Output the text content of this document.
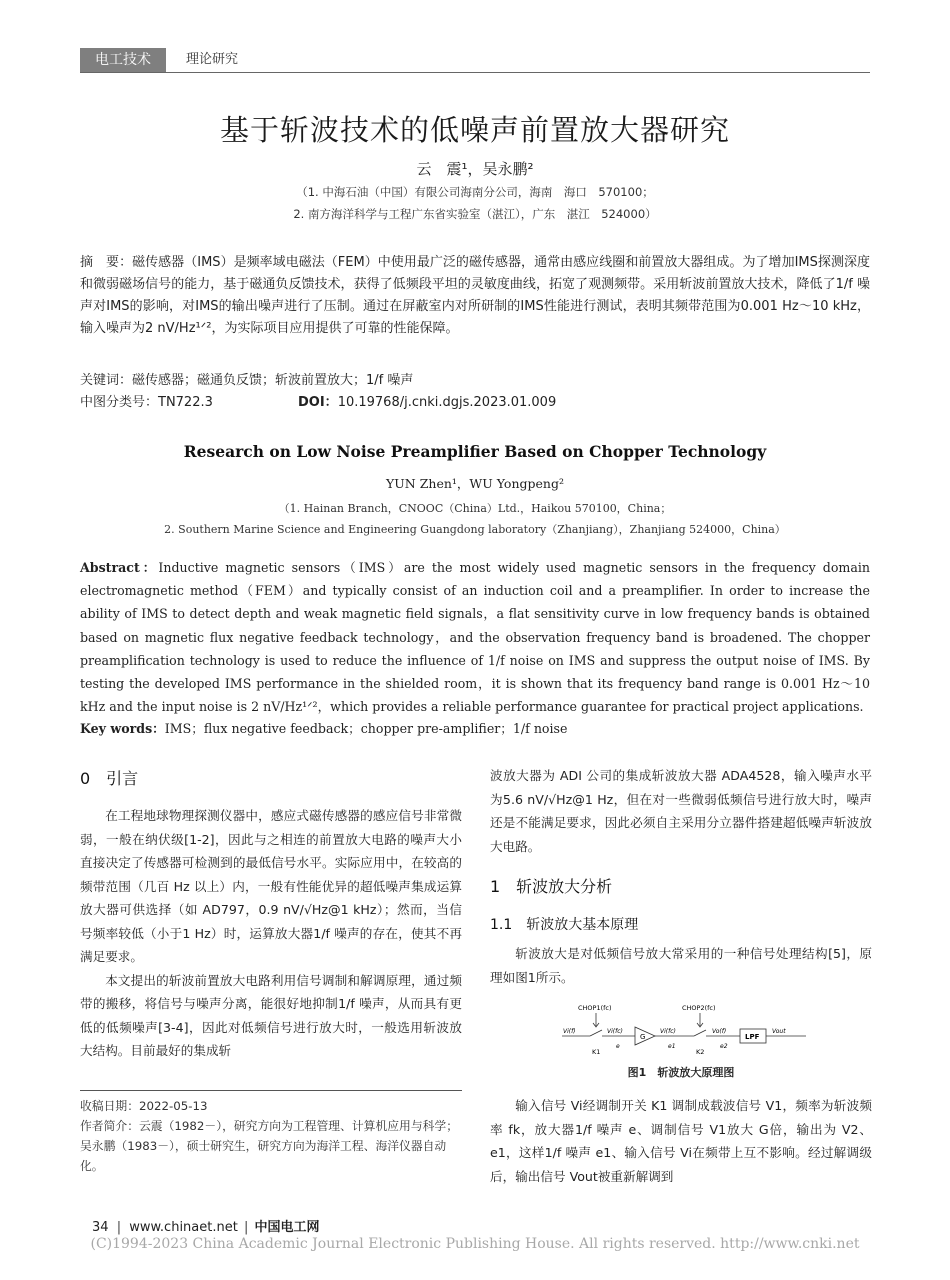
电工技术	理论研究
基于斩波技术的低噪声前置放大器研究
云　震¹，吴永鹏²
（1. 中海石油（中国）有限公司海南分公司，海南　海口　570100；
2. 南方海洋科学与工程广东省实验室（湛江），广东　湛江　524000）
摘　要：磁传感器（IMS）是频率域电磁法（FEM）中使用最广泛的磁传感器，通常由感应线圈和前置放大器组成。为了增加IMS探测深度和微弱磁场信号的能力，基于磁通负反馈技术，获得了低频段平坦的灵敏度曲线，拓宽了观测频带。采用斩波前置放大技术，降低了1/f 噪声对IMS的影响，对IMS的输出噪声进行了压制。通过在屏蔽室内对所研制的IMS性能进行测试，表明其频带范围为0.001 Hz～10 kHz，输入噪声为2 nV/Hz¹ᐟ²，为实际项目应用提供了可靠的性能保障。
关键词：磁传感器；磁通负反馈；斩波前置放大；1/f 噪声
中图分类号：TN722.3	DOI：10.19768/j.cnki.dgjs.2023.01.009
Research on Low Noise Preamplifier Based on Chopper Technology
YUN Zhen¹，WU Yongpeng²
（1. Hainan Branch，CNOOC（China）Ltd.，Haikou 570100，China；
2. Southern Marine Science and Engineering Guangdong laboratory（Zhanjiang），Zhanjiang 524000，China）
Abstract：Inductive magnetic sensors（IMS）are the most widely used magnetic sensors in the frequency domain electromagnetic method（FEM）and typically consist of an induction coil and a preamplifier. In order to increase the ability of IMS to detect depth and weak magnetic field signals，a flat sensitivity curve in low frequency bands is obtained based on magnetic flux negative feedback technology，and the observation frequency band is broadened. The chopper preamplification technology is used to reduce the influence of 1/f noise on IMS and suppress the output noise of IMS. By testing the developed IMS performance in the shielded room，it is shown that its frequency band range is 0.001 Hz～10 kHz and the input noise is 2 nV/Hz¹ᐟ²，which provides a reliable performance guarantee for practical project applications.
Key words：IMS；flux negative feedback；chopper pre-amplifier；1/f noise
0　引言

在工程地球物理探测仪器中，感应式磁传感器的感应信号非常微弱，一般在纳伏级[1-2]，因此与之相连的前置放大电路的噪声大小直接决定了传感器可检测到的最低信号水平。实际应用中，在较高的频带范围（几百 Hz 以上）内，一般有性能优异的超低噪声集成运算放大器可供选择（如 AD797，0.9 nV/√Hz@1 kHz）；然而，当信号频率较低（小于1 Hz）时，运算放大器1/f 噪声的存在，使其不再满足要求。

本文提出的斩波前置放大电路利用信号调制和解调原理，通过频带的搬移，将信号与噪声分离，能很好地抑制1/f 噪声，从而具有更低的低频噪声[3-4]，因此对低频信号进行放大时，一般选用斩波放大结构。目前最好的集成斩

收稿日期：2022-05-13
作者简介：云震（1982－），研究方向为工程管理、计算机应用与科学；吴永鹏（1983－），硕士研究生，研究方向为海洋工程、海洋仪器自动化。
波放大器为 ADI 公司的集成斩波放大器 ADA4528，输入噪声水平为5.6 nV/√Hz@1 Hz，但在对一些微弱低频信号进行放大时，噪声还是不能满足要求，因此必须自主采用分立器件搭建超低噪声斩波放大电路。
1　斩波放大分析
1.1　斩波放大基本原理

斩波放大是对低频信号放大常采用的一种信号处理结构[5]，原理如图1所示。

CHOP1(fc)	CHOP2(fc)
Vi(f)	Vi(fc)
G
Vi(fc)	Vo(f)
LPF
Vout
K1	K2
e	e1	e2
图1　斩波放大原理图

输入信号 Vi经调制开关 K1 调制成载波信号 V1，频率为斩波频率 fk，放大器1/f 噪声 e、调制信号 V1放大 G倍，输出为 V2、e1，这样1/f 噪声 e1、输入信号 Vi在频带上互不影响。经过解调级后，输出信号 Vout被重新解调到

34 | www.chinaet.net | 中国电工网
(C)1994-2023 China Academic Journal Electronic Publishing House. All rights reserved. http://www.cnki.net
